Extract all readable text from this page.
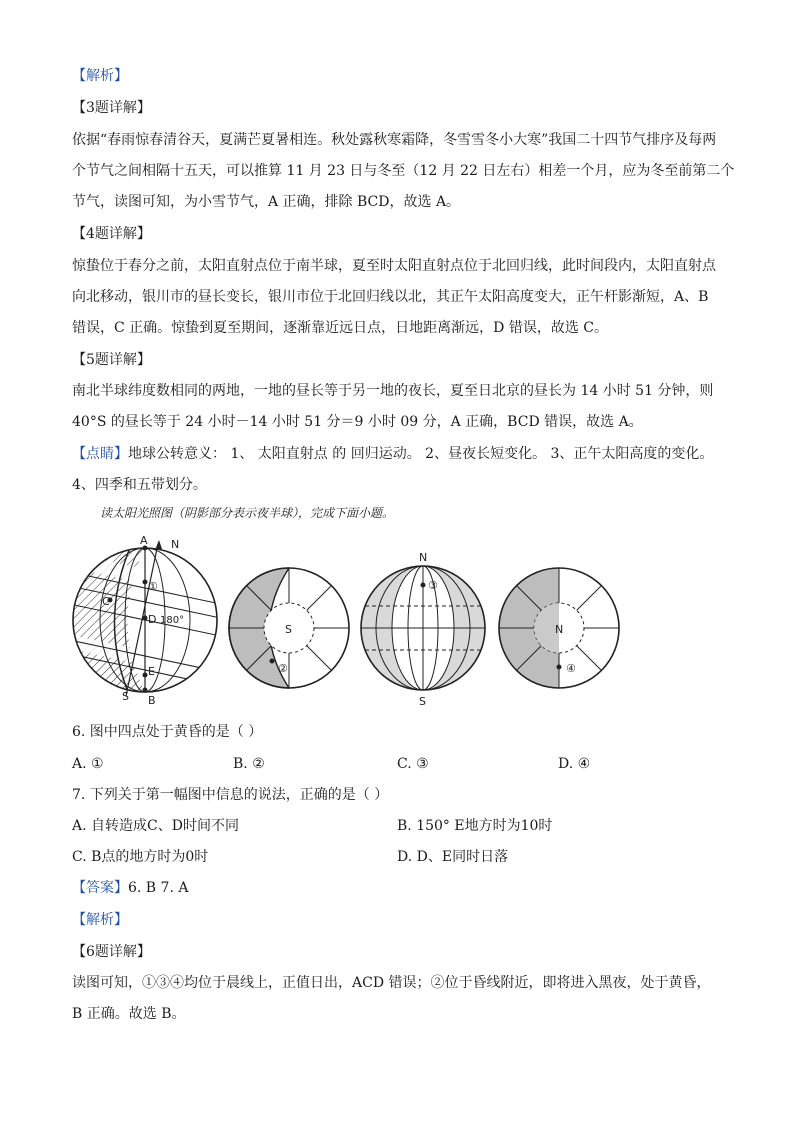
【解析】
【3题详解】
依据“春雨惊春清谷天，夏满芒夏暑相连。秋处露秋寒霜降，冬雪雪冬小大寒”我国二十四节气排序及每两
个节气之间相隔十五天，可以推算 11 月 23 日与冬至（12 月 22 日左右）相差一个月，应为冬至前第二个
节气，读图可知，为小雪节气，A 正确，排除 BCD，故选 A。
【4题详解】
惊蛰位于春分之前，太阳直射点位于南半球，夏至时太阳直射点位于北回归线，此时间段内，太阳直射点
向北移动，银川市的昼长变长，银川市位于北回归线以北，其正午太阳高度变大，正午杆影渐短，A、B
错误，C 正确。惊蛰到夏至期间，逐渐靠近远日点，日地距离渐远，D 错误，故选 C。
【5题详解】
南北半球纬度数相同的两地，一地的昼长等于另一地的夜长，夏至日北京的昼长为 14 小时 51 分钟，则
40°S 的昼长等于 24 小时－14 小时 51 分＝9 小时 09 分，A 正确，BCD 错误，故选 A。
【点睛】地球公转意义： 1、 太阳直射点 的 回归运动。 2、昼夜长短变化。 3、正午太阳高度的变化。
4、四季和五带划分。
读太阳光照图（阴影部分表示夜半球），完成下面小题。
A N
①
C
D 180°
E
S B
S
②
N
③
S
N
④
6. 图中四点处于黄昏的是（ ）
A. ①	B. ②	C. ③	D. ④
7. 下列关于第一幅图中信息的说法，正确的是（ ）
A. 自转造成C、D时间不同	B. 150° E地方时为10时
C. B点的地方时为0时	D. D、E同时日落
【答案】6. B 7. A
【解析】
【6题详解】
读图可知，①③④均位于晨线上，正值日出，ACD 错误；②位于昏线附近，即将进入黑夜，处于黄昏，
B 正确。故选 B。
